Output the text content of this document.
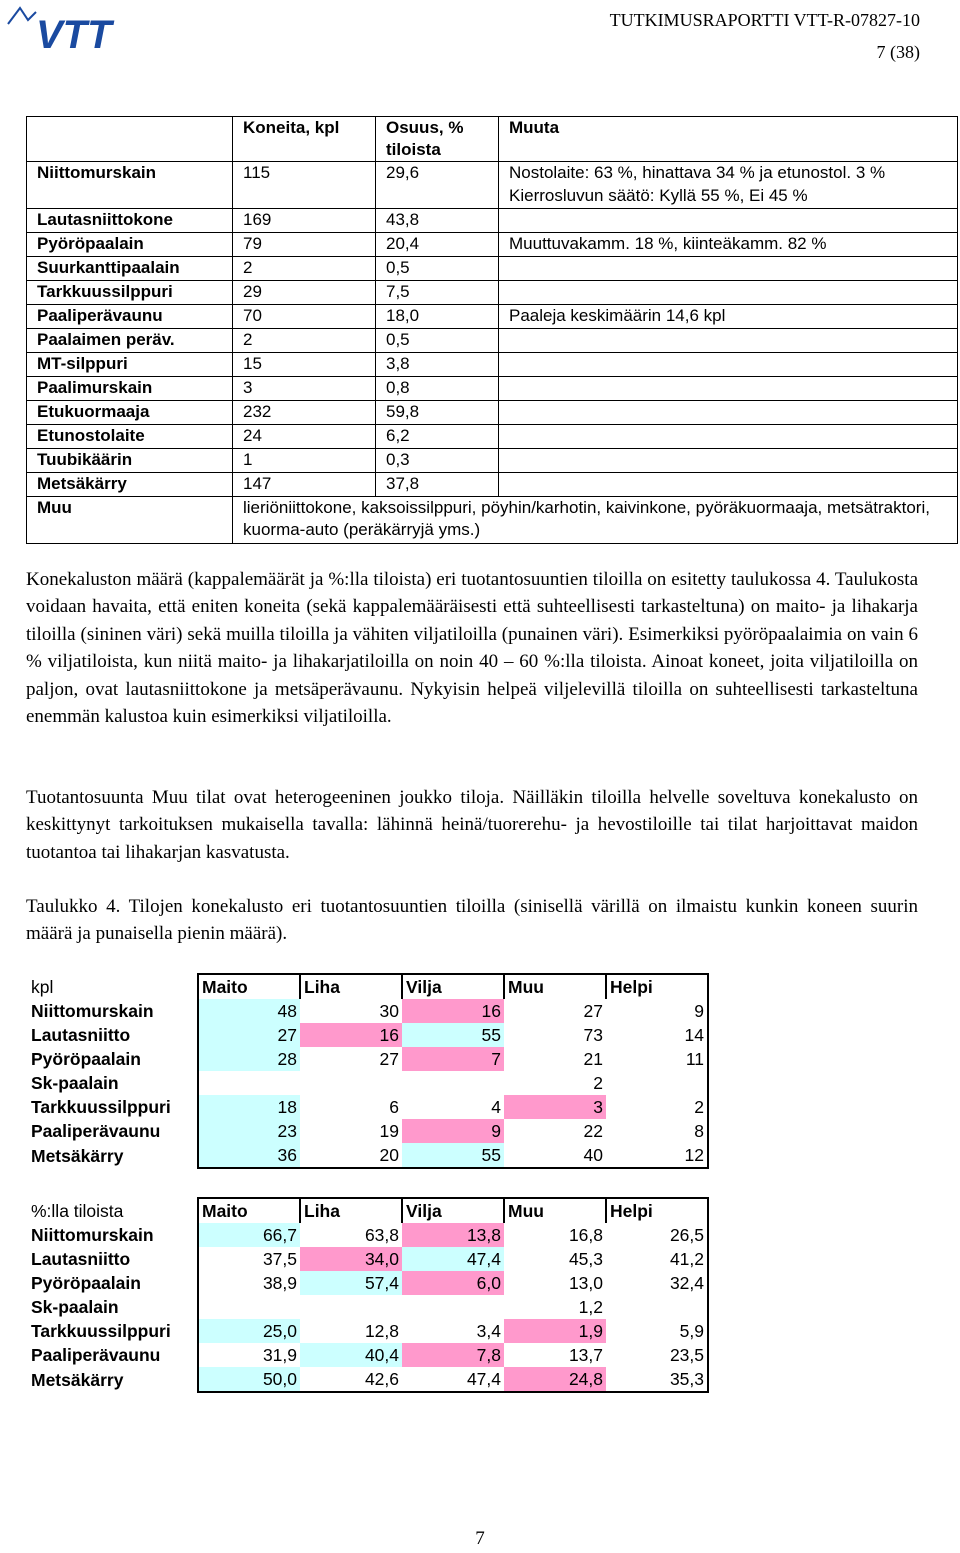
VTT	TUTKIMUSRAPORTTI VTT-R-07827-10
7 (38)
	Koneita, kpl	Osuus, % tiloista	Muuta
Niittomurskain	115	29,6	Nostolaite: 63 %, hinattava 34 % ja etunostol. 3 %
			Kierrosluvun säätö: Kyllä 55 %, Ei 45 %
Lautasniittokone	169	43,8	
Pyöröpaalain	79	20,4	Muuttuvakamm. 18 %, kiinteäkamm. 82 %
Suurkanttipaalain	2	0,5	
Tarkkuussilppuri	29	7,5	
Paaliperävaunu	70	18,0	Paaleja keskimäärin 14,6 kpl
Paalaimen peräv.	2	0,5	
MT-silppuri	15	3,8	
Paalimurskain	3	0,8	
Etukuormaaja	232	59,8	
Etunostolaite	24	6,2	
Tuubikäärin	1	0,3	
Metsäkärry	147	37,8	
Muu	lieriöniittokone, kaksoissilppuri, pöyhin/karhotin, kaivinkone, pyöräkuormaaja, metsätraktori, kuorma-auto (peräkärryjä yms.)		
Konekaluston määrä (kappalemäärät ja %:lla tiloista) eri tuotantosuuntien tiloilla on esitetty taulukossa 4. Taulukosta voidaan havaita, että eniten koneita (sekä kappalemääräisesti että suhteellisesti tarkasteltuna) on maito- ja lihakarja tiloilla (sininen väri) sekä muilla tiloilla ja vähiten viljatiloilla (punainen väri). Esimerkiksi pyöröpaalaimia on vain 6 % viljatiloista, kun niitä maito- ja lihakarjatiloilla on noin 40 – 60 %:lla tiloista. Ainoat koneet, joita viljatiloilla on paljon, ovat lautasniittokone ja metsäperävaunu. Nykyisin helpeä viljelevillä tiloilla on suhteellisesti tarkasteltuna enemmän kalustoa kuin esimerkiksi viljatiloilla.
Tuotantosuunta Muu tilat ovat heterogeeninen joukko tiloja. Näilläkin tiloilla helvelle soveltuva konekalusto on keskittynyt tarkoituksen mukaisella tavalla: lähinnä heinä/tuorerehu- ja hevostiloille tai tilat harjoittavat maidon tuotantoa tai lihakarjan kasvatusta.
Taulukko 4. Tilojen konekalusto eri tuotantosuuntien tiloilla (sinisellä värillä on ilmaistu kunkin koneen suurin määrä ja punaisella pienin määrä).
kpl	Maito	Liha	Vilja	Muu	Helpi
Niittomurskain	48	30	16	27	9
Lautasniitto	27	16	55	73	14
Pyöröpaalain	28	27	7	21	11
Sk-paalain				2	
Tarkkuussilppuri	18	6	4	3	2
Paaliperävaunu	23	19	9	22	8
Metsäkärry	36	20	55	40	12
%:lla tiloista	Maito	Liha	Vilja	Muu	Helpi
Niittomurskain	66,7	63,8	13,8	16,8	26,5
Lautasniitto	37,5	34,0	47,4	45,3	41,2
Pyöröpaalain	38,9	57,4	6,0	13,0	32,4
Sk-paalain				1,2	
Tarkkuussilppuri	25,0	12,8	3,4	1,9	5,9
Paaliperävaunu	31,9	40,4	7,8	13,7	23,5
Metsäkärry	50,0	42,6	47,4	24,8	35,3
7
